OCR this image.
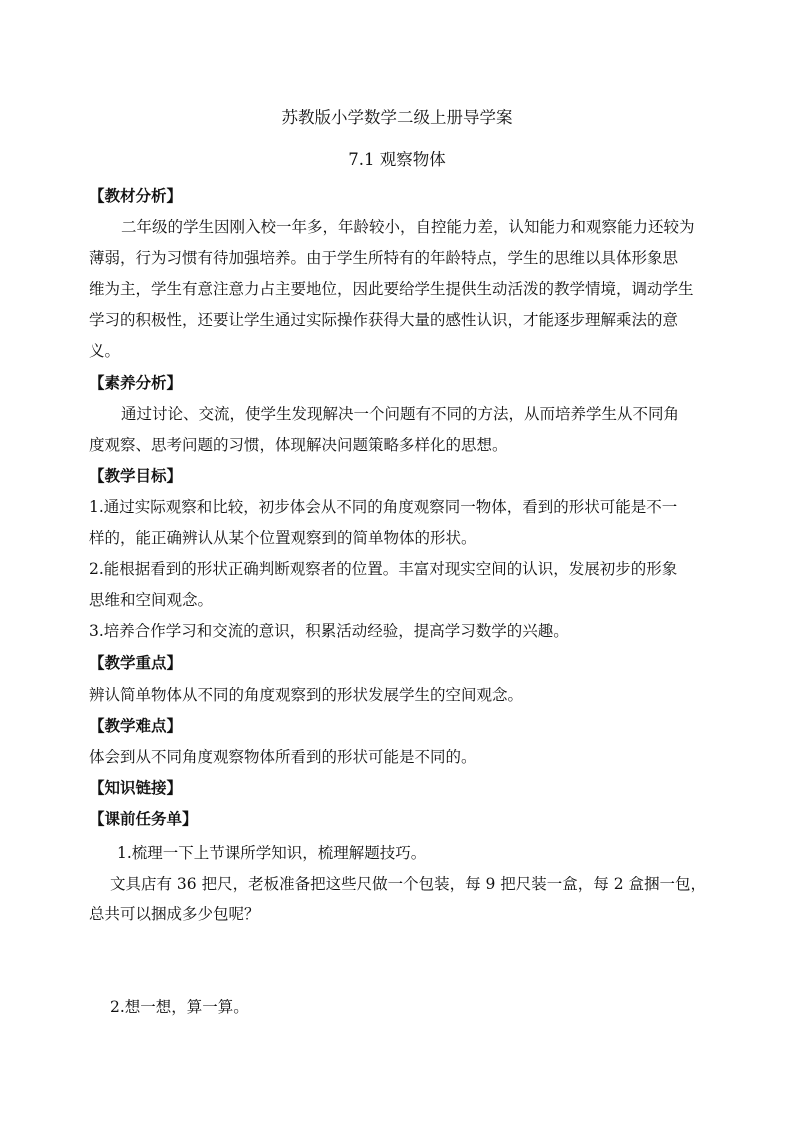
苏教版小学数学二级上册导学案
7.1 观察物体
【教材分析】
二年级的学生因刚入校一年多，年龄较小，自控能力差，认知能力和观察能力还较为
薄弱，行为习惯有待加强培养。由于学生所特有的年龄特点，学生的思维以具体形象思
维为主，学生有意注意力占主要地位，因此要给学生提供生动活泼的教学情境，调动学生
学习的积极性，还要让学生通过实际操作获得大量的感性认识，才能逐步理解乘法的意
义。
【素养分析】
通过讨论、交流，使学生发现解决一个问题有不同的方法，从而培养学生从不同角
度观察、思考问题的习惯，体现解决问题策略多样化的思想。
【教学目标】
1.通过实际观察和比较，初步体会从不同的角度观察同一物体，看到的形状可能是不一
样的，能正确辨认从某个位置观察到的简单物体的形状。
2.能根据看到的形状正确判断观察者的位置。丰富对现实空间的认识，发展初步的形象
思维和空间观念。
3.培养合作学习和交流的意识，积累活动经验，提高学习数学的兴趣。
【教学重点】
辨认简单物体从不同的角度观察到的形状发展学生的空间观念。
【教学难点】
体会到从不同角度观察物体所看到的形状可能是不同的。
【知识链接】
【课前任务单】
1.梳理一下上节课所学知识，梳理解题技巧。
文具店有 36 把尺，老板准备把这些尺做一个包装，每 9 把尺装一盒，每 2 盒捆一包，
总共可以捆成多少包呢？
2.想一想，算一算。
